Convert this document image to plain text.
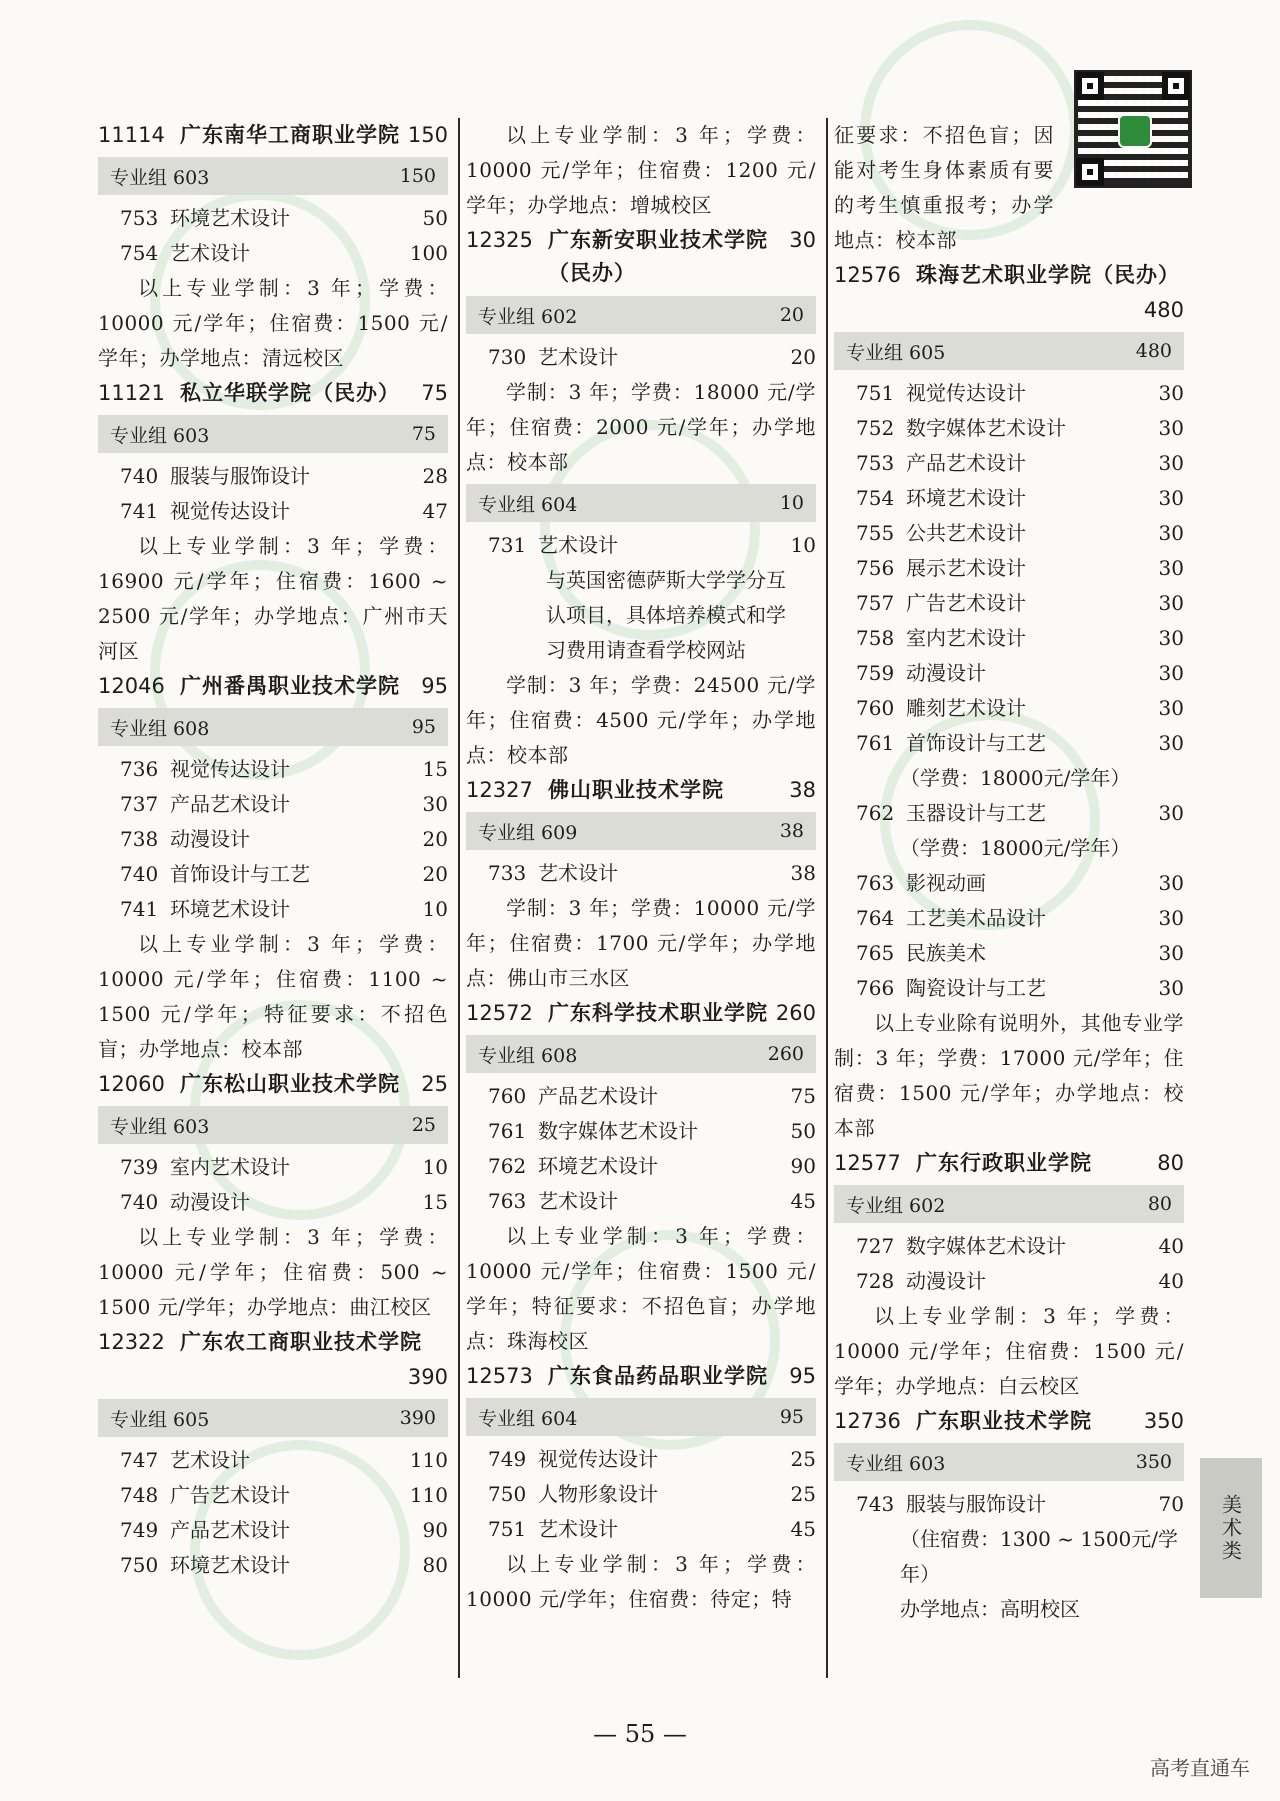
11114 广东南华工商职业学院 150
专业组 603	150
753 环境艺术设计	50
754 艺术设计	100
以上专业学制：3 年；学费：10000 元/学年；住宿费：1500 元/学年；办学地点：清远校区
11121 私立华联学院（民办）	75
专业组 603	75
740 服装与服饰设计	28
741 视觉传达设计	47
以上专业学制：3 年；学费：16900 元/学年；住宿费：1600 ~ 2500 元/学年；办学地点：广州市天河区
12046 广州番禺职业技术学院	95
专业组 608	95
736 视觉传达设计	15
737 产品艺术设计	30
738 动漫设计	20
740 首饰设计与工艺	20
741 环境艺术设计	10
以上专业学制：3 年；学费：10000 元/学年；住宿费：1100 ~ 1500 元/学年；特征要求：不招色盲；办学地点：校本部
12060 广东松山职业技术学院	25
专业组 603	25
739 室内艺术设计	10
740 动漫设计	15
以上专业学制：3 年；学费：10000 元/学年；住宿费：500 ~ 1500 元/学年；办学地点：曲江校区
12322 广东农工商职业技术学院
390
专业组 605	390
747 艺术设计	110
748 广告艺术设计	110
749 产品艺术设计	90
750 环境艺术设计	80
以上专业学制：3 年；学费：10000 元/学年；住宿费：1200 元/学年；办学地点：增城校区
12325 广东新安职业技术学院（民办）
30
专业组 602	20
730 艺术设计	20
学制：3 年；学费：18000 元/学年；住宿费：2000 元/学年；办学地点：校本部
专业组 604	10
731 艺术设计	10
与英国密德萨斯大学学分互
认项目，具体培养模式和学
习费用请查看学校网站
学制：3 年；学费：24500 元/学年；住宿费：4500 元/学年；办学地点：校本部
12327 佛山职业技术学院	38
专业组 609	38
733 艺术设计	38
学制：3 年；学费：10000 元/学年；住宿费：1700 元/学年；办学地点：佛山市三水区
12572 广东科学技术职业学院 260
专业组 608	260
760 产品艺术设计	75
761 数字媒体艺术设计	50
762 环境艺术设计	90
763 艺术设计	45
以上专业学制：3 年；学费：10000 元/学年；住宿费：1500 元/学年；特征要求：不招色盲；办学地点：珠海校区
12573 广东食品药品职业学院	95
专业组 604	95
749 视觉传达设计	25
750 人物形象设计	25
751 艺术设计	45
以上专业学制：3 年；学费：10000 元/学年；住宿费：待定；特
征要求：不招色盲；因能对考生身体素质有要的考生慎重报考；办学地点：校本部
12576 珠海艺术职业学院（民办）
480
专业组 605	480
751 视觉传达设计	30
752 数字媒体艺术设计	30
753 产品艺术设计	30
754 环境艺术设计	30
755 公共艺术设计	30
756 展示艺术设计	30
757 广告艺术设计	30
758 室内艺术设计	30
759 动漫设计	30
760 雕刻艺术设计	30
761 首饰设计与工艺	30
（学费：18000元/学年）
762 玉器设计与工艺	30
（学费：18000元/学年）
763 影视动画	30
764 工艺美术品设计	30
765 民族美术	30
766 陶瓷设计与工艺	30
以上专业除有说明外，其他专业学制：3 年；学费：17000 元/学年；住宿费：1500 元/学年；办学地点：校本部
12577 广东行政职业学院	80
专业组 602	80
727 数字媒体艺术设计	40
728 动漫设计	40
以上专业学制：3 年；学费：10000 元/学年；住宿费：1500 元/学年；办学地点：白云校区
12736 广东职业技术学院	350
专业组 603	350
743 服装与服饰设计	70
（住宿费：1300 ~ 1500元/学
年）
办学地点：高明校区
美术类
— 55 —
高考直通车
